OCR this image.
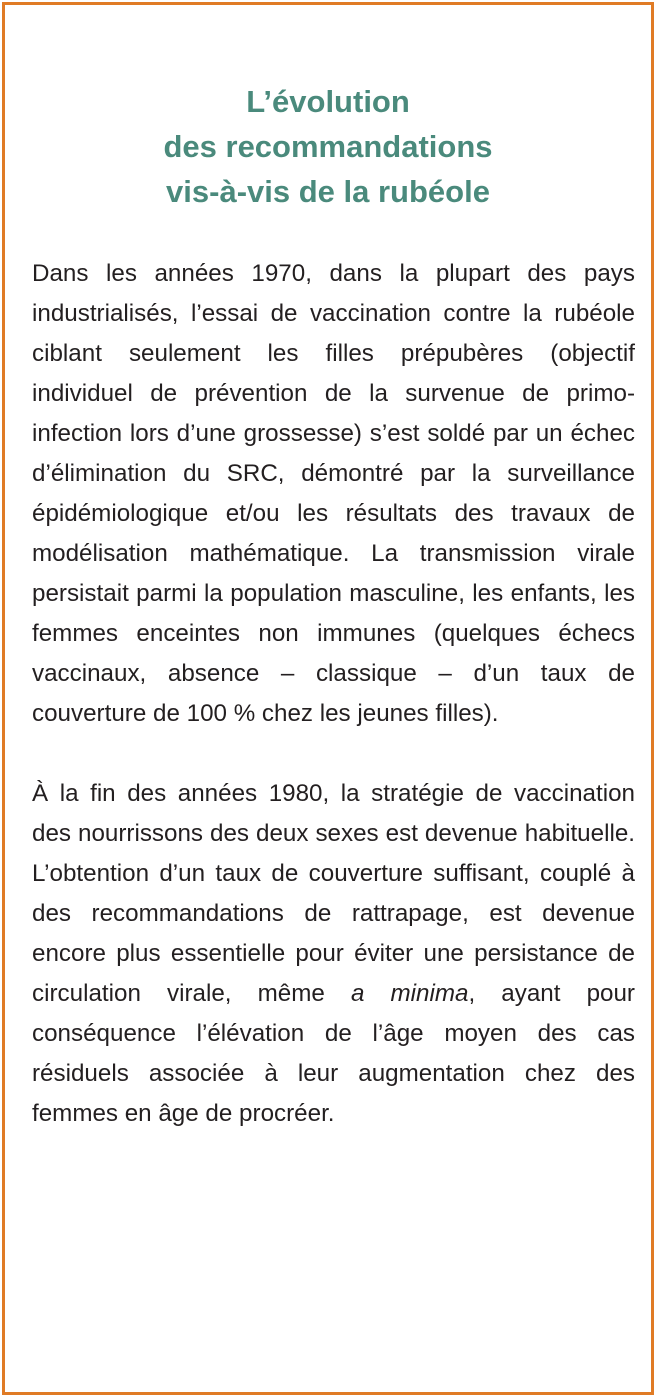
L’évolution
des recommandations
vis-à-vis de la rubéole

Dans les années 1970, dans la plupart des pays industrialisés, l’essai de vaccination contre la rubéole ciblant seulement les filles prépubères (objectif individuel de prévention de la survenue de primo-infection lors d’une grossesse) s’est soldé par un échec d’élimination du SRC, démontré par la surveillance épidémiologique et/ou les résultats des travaux de modélisation mathématique. La transmission virale persistait parmi la population masculine, les enfants, les femmes enceintes non immunes (quelques échecs vaccinaux, absence – classique – d’un taux de couverture de 100 % chez les jeunes filles).

À la fin des années 1980, la stratégie de vaccination des nourrissons des deux sexes est devenue habituelle. L’obtention d’un taux de couverture suffisant, couplé à des recommandations de rattrapage, est devenue encore plus essentielle pour éviter une persistance de circulation virale, même a minima, ayant pour conséquence l’élévation de l’âge moyen des cas résiduels associée à leur augmentation chez des femmes en âge de procréer.
